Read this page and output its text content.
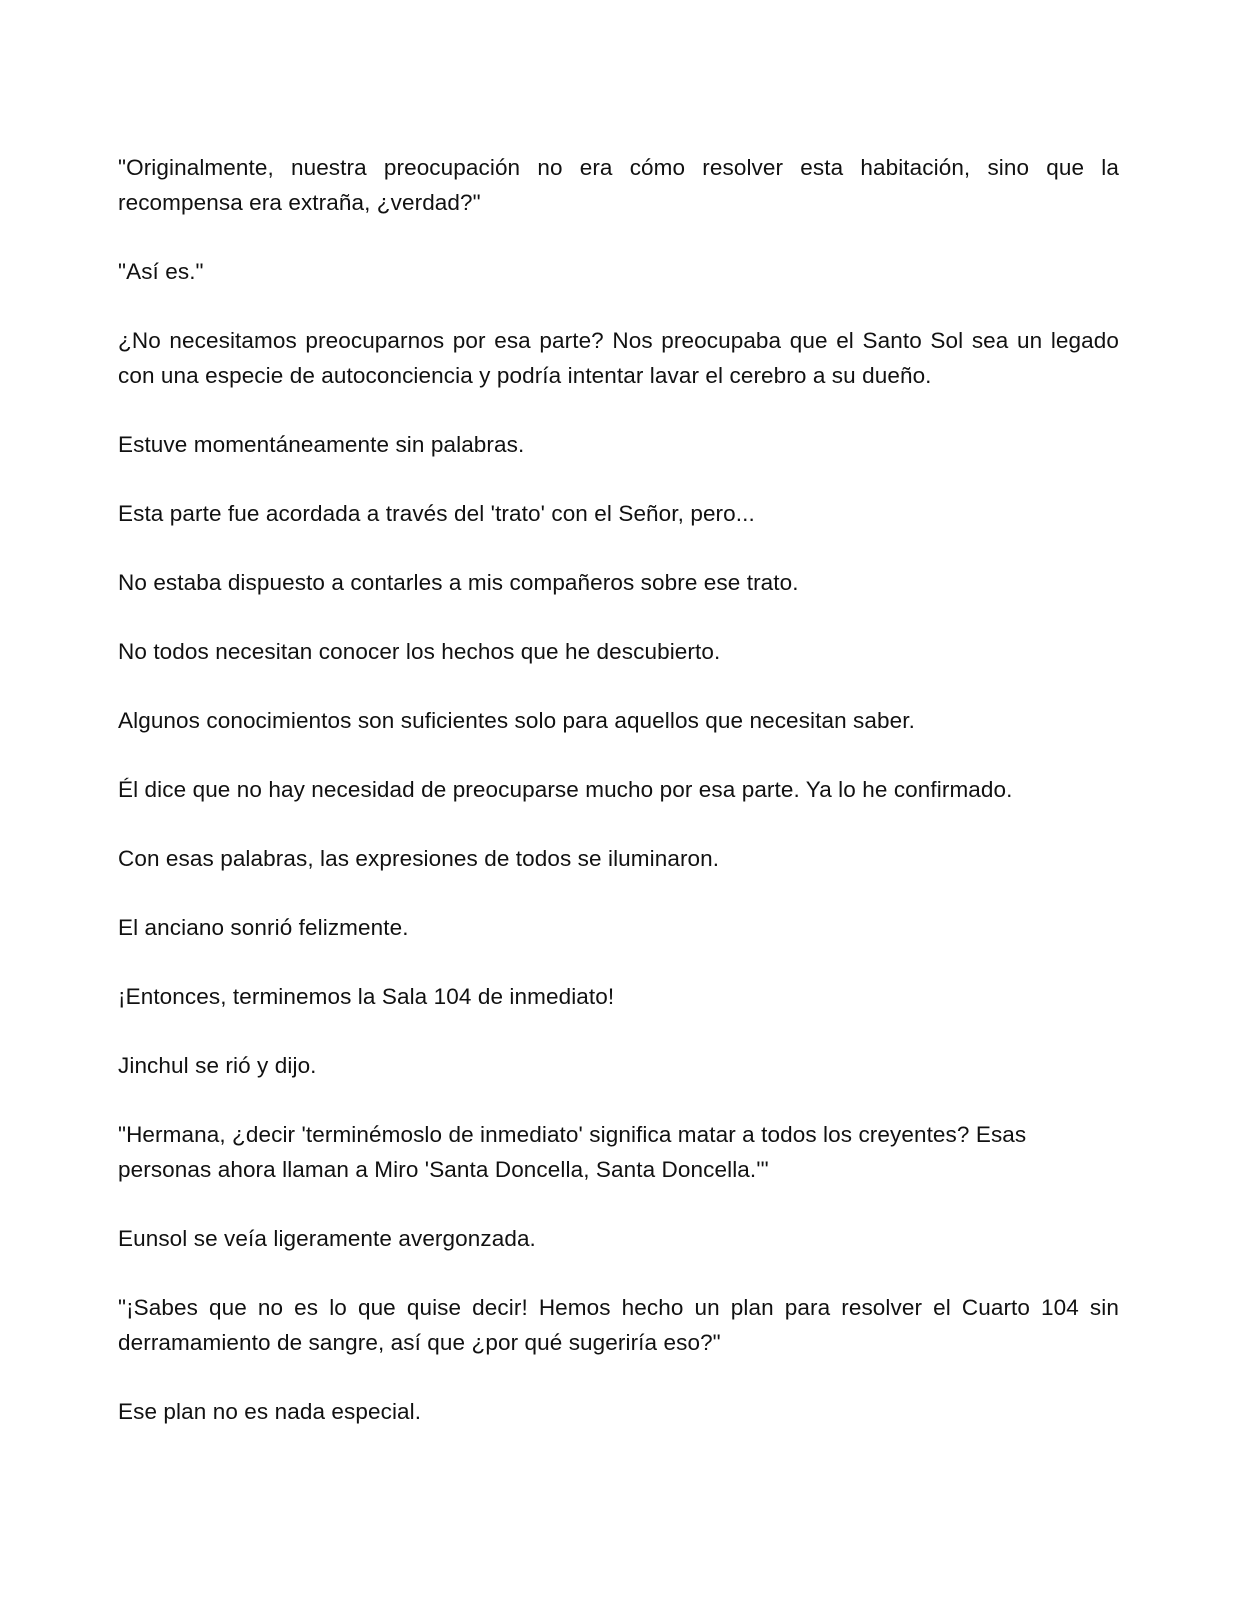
"Originalmente, nuestra preocupación no era cómo resolver esta habitación, sino que la recompensa era extraña, ¿verdad?"

"Así es."

¿No necesitamos preocuparnos por esa parte? Nos preocupaba que el Santo Sol sea un legado con una especie de autoconciencia y podría intentar lavar el cerebro a su dueño.

Estuve momentáneamente sin palabras.

Esta parte fue acordada a través del 'trato' con el Señor, pero...

No estaba dispuesto a contarles a mis compañeros sobre ese trato.

No todos necesitan conocer los hechos que he descubierto.

Algunos conocimientos son suficientes solo para aquellos que necesitan saber.

Él dice que no hay necesidad de preocuparse mucho por esa parte. Ya lo he confirmado.

Con esas palabras, las expresiones de todos se iluminaron.

El anciano sonrió felizmente.

¡Entonces, terminemos la Sala 104 de inmediato!

Jinchul se rió y dijo.

"Hermana, ¿decir 'terminémoslo de inmediato' significa matar a todos los creyentes? Esas personas ahora llaman a Miro 'Santa Doncella, Santa Doncella.'"

Eunsol se veía ligeramente avergonzada.

"¡Sabes que no es lo que quise decir! Hemos hecho un plan para resolver el Cuarto 104 sin derramamiento de sangre, así que ¿por qué sugeriría eso?"

Ese plan no es nada especial.
